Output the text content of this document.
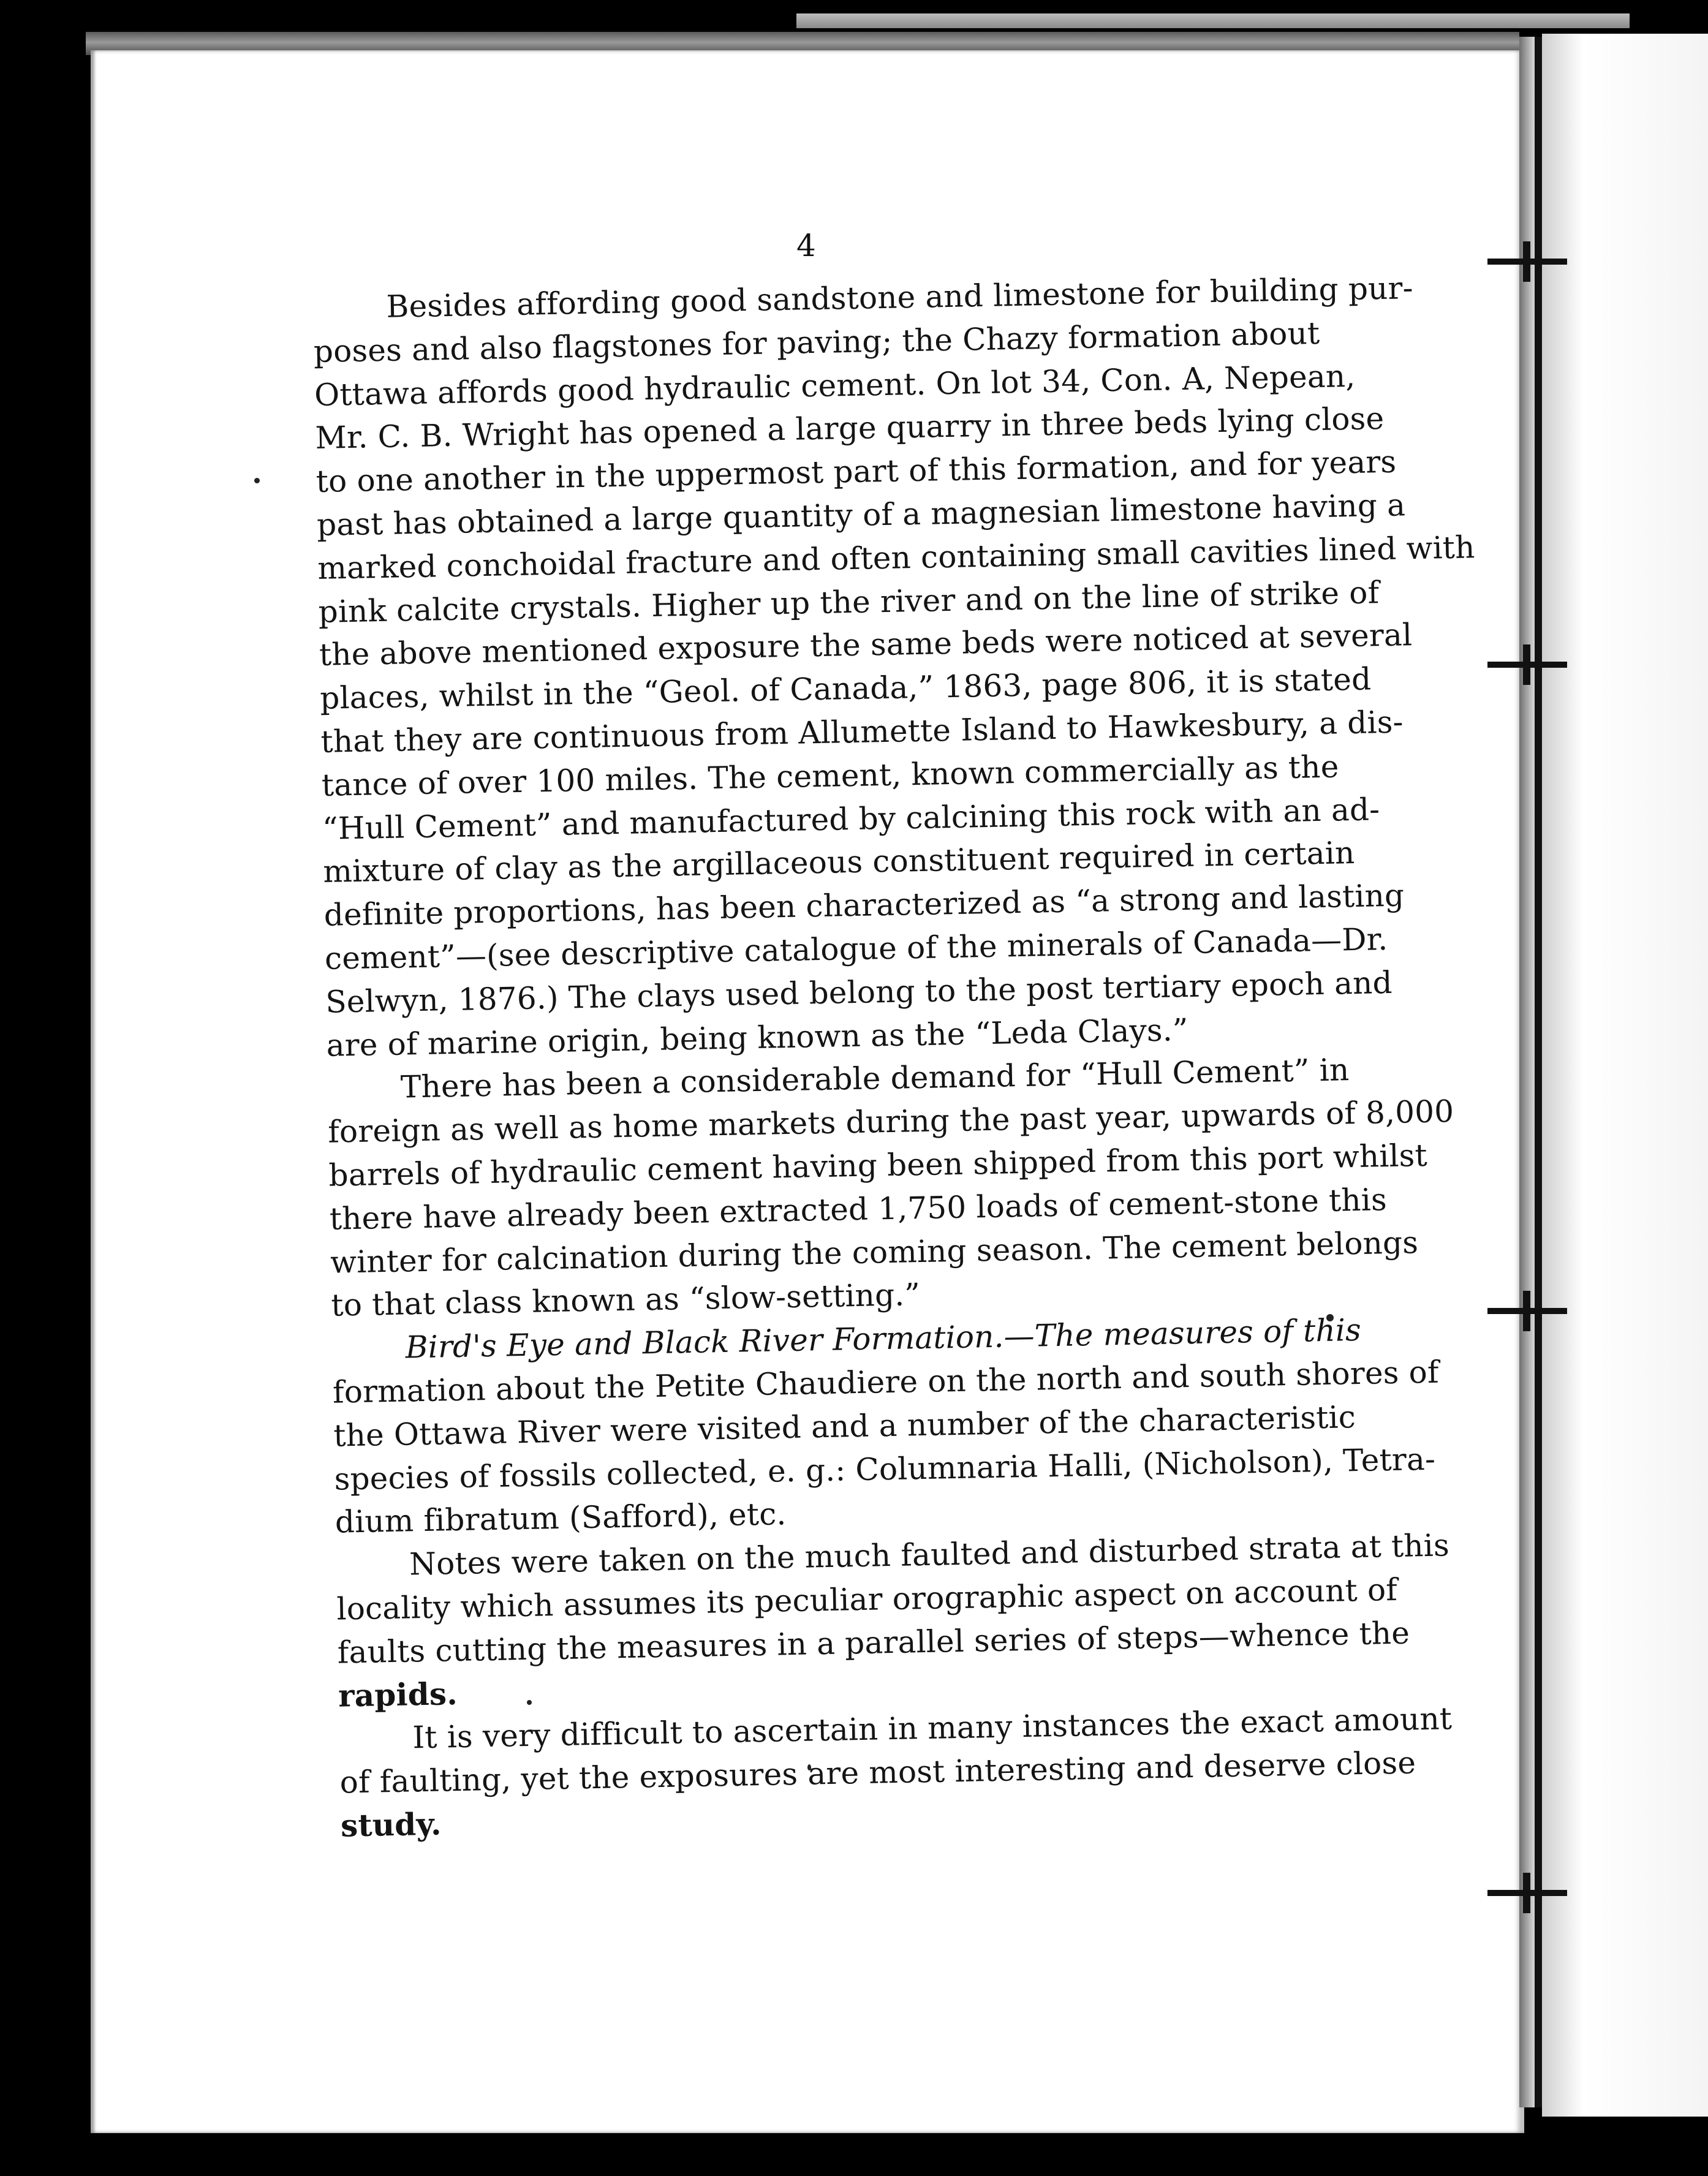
4
Besides affording good sandstone and limestone for building pur-
poses and also flagstones for paving; the Chazy formation about
Ottawa affords good hydraulic cement. On lot 34, Con. A, Nepean,
Mr. C. B. Wright has opened a large quarry in three beds lying close
to one another in the uppermost part of this formation, and for years
past has obtained a large quantity of a magnesian limestone having a
marked conchoidal fracture and often containing small cavities lined with
pink calcite crystals. Higher up the river and on the line of strike of
the above mentioned exposure the same beds were noticed at several
places, whilst in the “Geol. of Canada,” 1863, page 806, it is stated
that they are continuous from Allumette Island to Hawkesbury, a dis-
tance of over 100 miles. The cement, known commercially as the
“Hull Cement” and manufactured by calcining this rock with an ad-
mixture of clay as the argillaceous constituent required in certain
definite proportions, has been characterized as “a strong and lasting
cement”—(see descriptive catalogue of the minerals of Canada—Dr.
Selwyn, 1876.) The clays used belong to the post tertiary epoch and
are of marine origin, being known as the “Leda Clays.”
There has been a considerable demand for “Hull Cement” in
foreign as well as home markets during the past year, upwards of 8,000
barrels of hydraulic cement having been shipped from this port whilst
there have already been extracted 1,750 loads of cement-stone this
winter for calcination during the coming season. The cement belongs
to that class known as “slow-setting.”
Bird's Eye and Black River Formation.—The measures of this
formation about the Petite Chaudiere on the north and south shores of
the Ottawa River were visited and a number of the characteristic
species of fossils collected, e. g.: Columnaria Halli, (Nicholson), Tetra-
dium fibratum (Safford), etc.
Notes were taken on the much faulted and disturbed strata at this
locality which assumes its peculiar orographic aspect on account of
faults cutting the measures in a parallel series of steps—whence the
rapids.
It is very difficult to ascertain in many instances the exact amount
of faulting, yet the exposures are most interesting and deserve close
study.
